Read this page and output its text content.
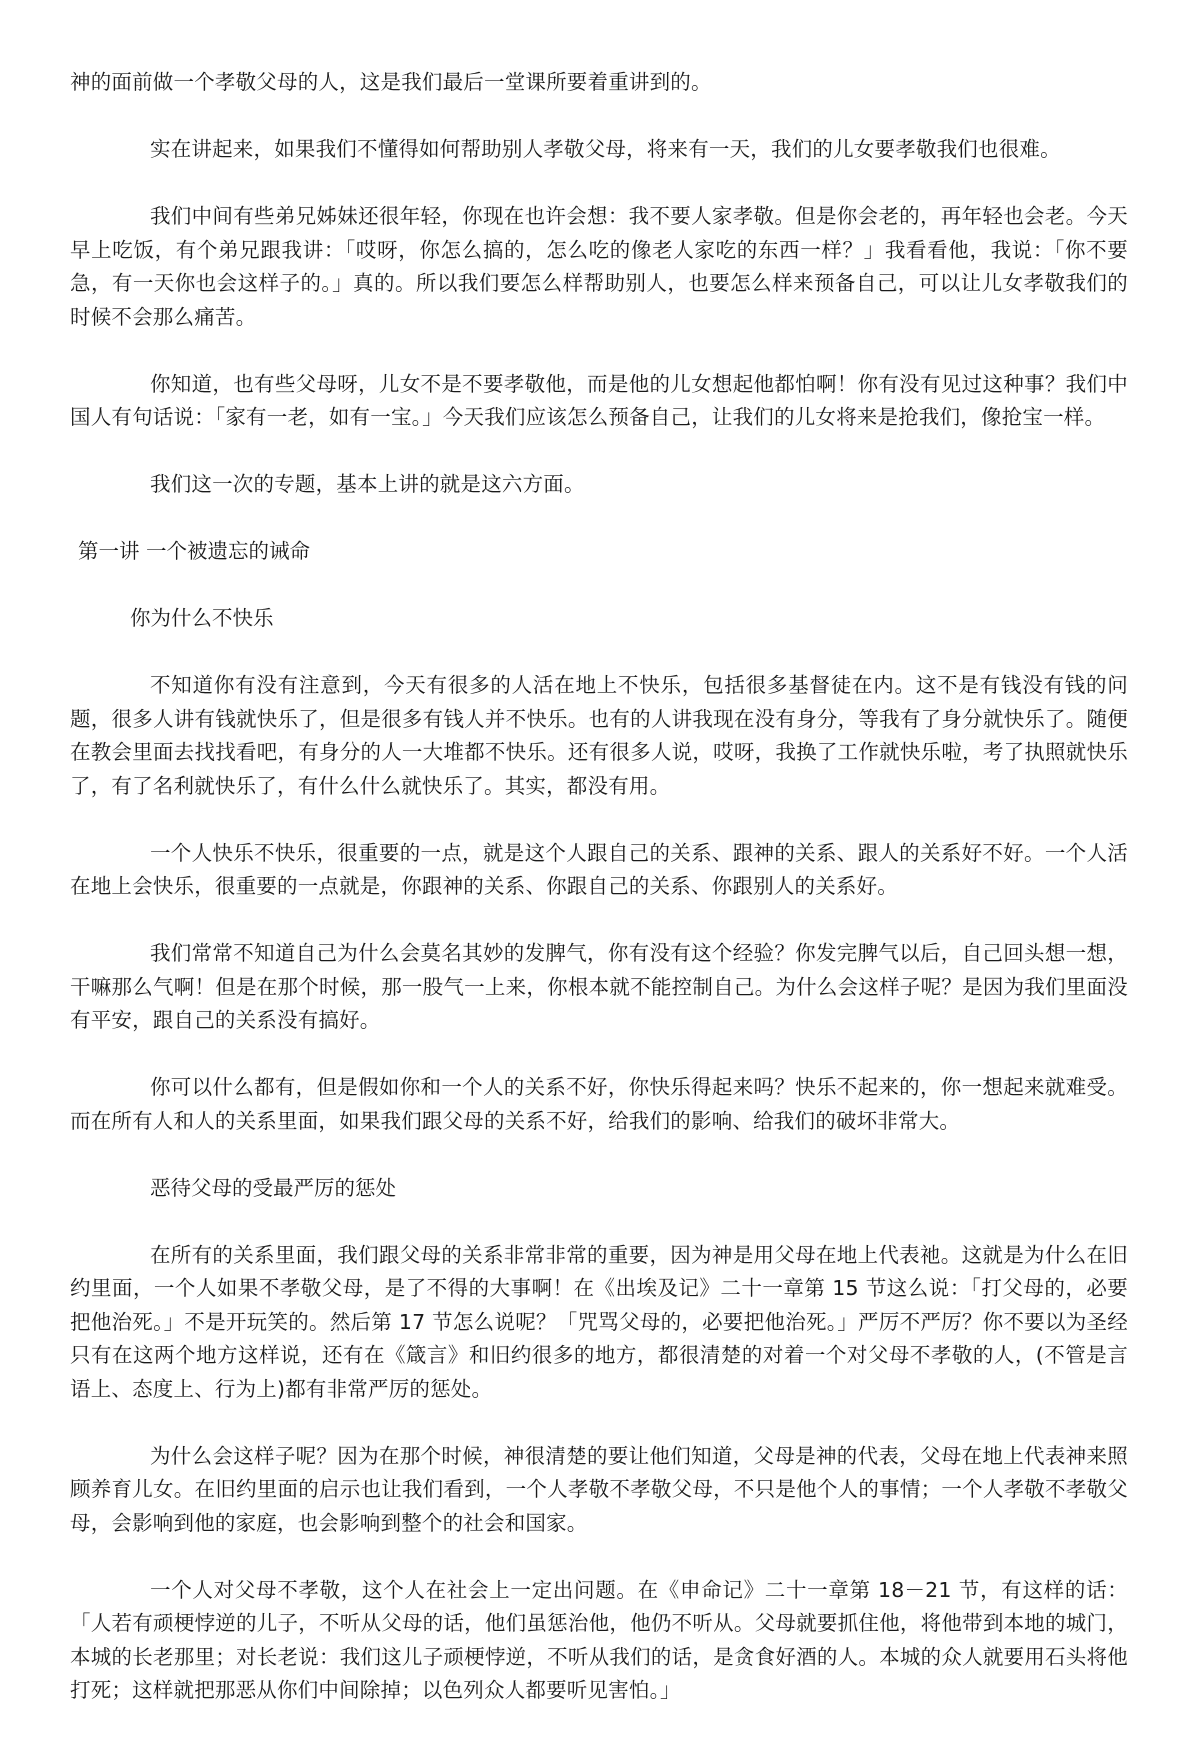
神的面前做一个孝敬父母的人，这是我们最后一堂课所要着重讲到的。

实在讲起来，如果我们不懂得如何帮助别人孝敬父母，将来有一天，我们的儿女要孝敬我们也很难。

我们中间有些弟兄姊妹还很年轻，你现在也许会想：我不要人家孝敬。但是你会老的，再年轻也会老。今天早上吃饭，有个弟兄跟我讲：「哎呀，你怎么搞的，怎么吃的像老人家吃的东西一样？」我看看他，我说：「你不要急，有一天你也会这样子的。」真的。所以我们要怎么样帮助别人，也要怎么样来预备自己，可以让儿女孝敬我们的时候不会那么痛苦。

你知道，也有些父母呀，儿女不是不要孝敬他，而是他的儿女想起他都怕啊！你有没有见过这种事？我们中国人有句话说：「家有一老，如有一宝。」今天我们应该怎么预备自己，让我们的儿女将来是抢我们，像抢宝一样。

我们这一次的专题，基本上讲的就是这六方面。

第一讲 一个被遗忘的诫命
你为什么不快乐

不知道你有没有注意到，今天有很多的人活在地上不快乐，包括很多基督徒在内。这不是有钱没有钱的问题，很多人讲有钱就快乐了，但是很多有钱人并不快乐。也有的人讲我现在没有身分，等我有了身分就快乐了。随便在教会里面去找找看吧，有身分的人一大堆都不快乐。还有很多人说，哎呀，我换了工作就快乐啦，考了执照就快乐了，有了名利就快乐了，有什么什么就快乐了。其实，都没有用。

一个人快乐不快乐，很重要的一点，就是这个人跟自己的关系、跟神的关系、跟人的关系好不好。一个人活在地上会快乐，很重要的一点就是，你跟神的关系、你跟自己的关系、你跟别人的关系好。

我们常常不知道自己为什么会莫名其妙的发脾气，你有没有这个经验？你发完脾气以后，自己回头想一想，干嘛那么气啊！但是在那个时候，那一股气一上来，你根本就不能控制自己。为什么会这样子呢？是因为我们里面没有平安，跟自己的关系没有搞好。

你可以什么都有，但是假如你和一个人的关系不好，你快乐得起来吗？快乐不起来的，你一想起来就难受。而在所有人和人的关系里面，如果我们跟父母的关系不好，给我们的影响、给我们的破坏非常大。

恶待父母的受最严厉的惩处

在所有的关系里面，我们跟父母的关系非常非常的重要，因为神是用父母在地上代表祂。这就是为什么在旧约里面，一个人如果不孝敬父母，是了不得的大事啊！在《出埃及记》二十一章第 15 节这么说：「打父母的，必要把他治死。」不是开玩笑的。然后第 17 节怎么说呢？「咒骂父母的，必要把他治死。」严厉不严厉？你不要以为圣经只有在这两个地方这样说，还有在《箴言》和旧约很多的地方，都很清楚的对着一个对父母不孝敬的人，(不管是言语上、态度上、行为上)都有非常严厉的惩处。

为什么会这样子呢？因为在那个时候，神很清楚的要让他们知道，父母是神的代表，父母在地上代表神来照顾养育儿女。在旧约里面的启示也让我们看到，一个人孝敬不孝敬父母，不只是他个人的事情；一个人孝敬不孝敬父母，会影响到他的家庭，也会影响到整个的社会和国家。

一个人对父母不孝敬，这个人在社会上一定出问题。在《申命记》二十一章第 18－21 节，有这样的话：「人若有顽梗悖逆的儿子，不听从父母的话，他们虽惩治他，他仍不听从。父母就要抓住他，将他带到本地的城门，本城的长老那里；对长老说：我们这儿子顽梗悖逆，不听从我们的话，是贪食好酒的人。本城的众人就要用石头将他打死；这样就把那恶从你们中间除掉；以色列众人都要听见害怕。」
